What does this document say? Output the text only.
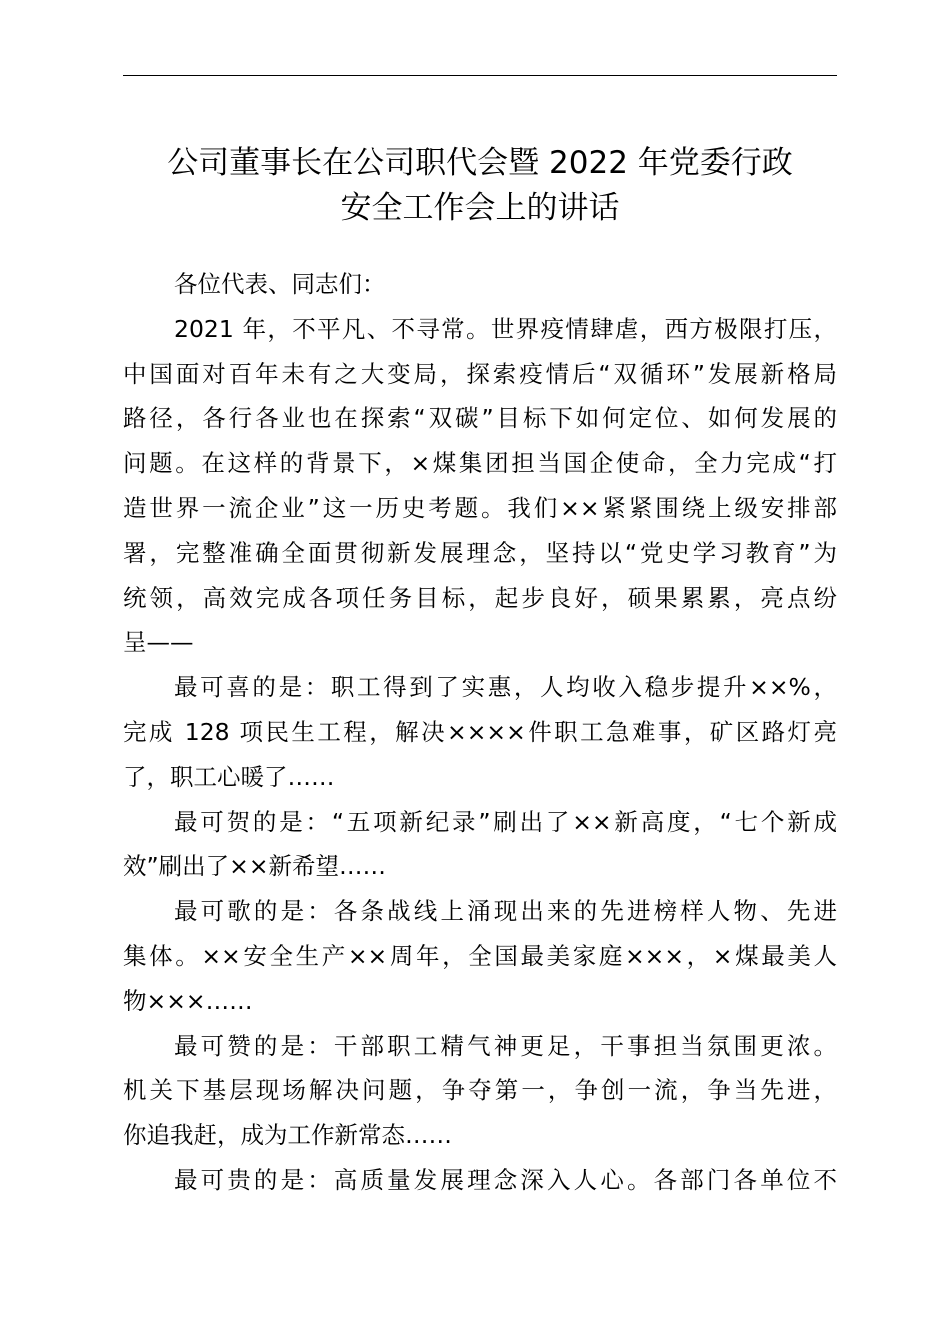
公司董事长在公司职代会暨 2022 年党委行政
安全工作会上的讲话
各位代表、同志们：
2021 年，不平凡、不寻常。世界疫情肆虐，西方极限打压，
中国面对百年未有之大变局，探索疫情后“双循环”发展新格局
路径，各行各业也在探索“双碳”目标下如何定位、如何发展的
问题。在这样的背景下，×煤集团担当国企使命，全力完成“打
造世界一流企业”这一历史考题。我们××紧紧围绕上级安排部
署，完整准确全面贯彻新发展理念，坚持以“党史学习教育”为
统领，高效完成各项任务目标，起步良好，硕果累累，亮点纷
呈——
最可喜的是：职工得到了实惠，人均收入稳步提升××%，
完成 128 项民生工程，解决××××件职工急难事，矿区路灯亮
了，职工心暖了……
最可贺的是：“五项新纪录”刷出了××新高度，“七个新成
效”刷出了××新希望……
最可歌的是：各条战线上涌现出来的先进榜样人物、先进
集体。××安全生产××周年，全国最美家庭×××，×煤最美人
物×××……
最可赞的是：干部职工精气神更足，干事担当氛围更浓。
机关下基层现场解决问题，争夺第一，争创一流，争当先进，
你追我赶，成为工作新常态……
最可贵的是：高质量发展理念深入人心。各部门各单位不
